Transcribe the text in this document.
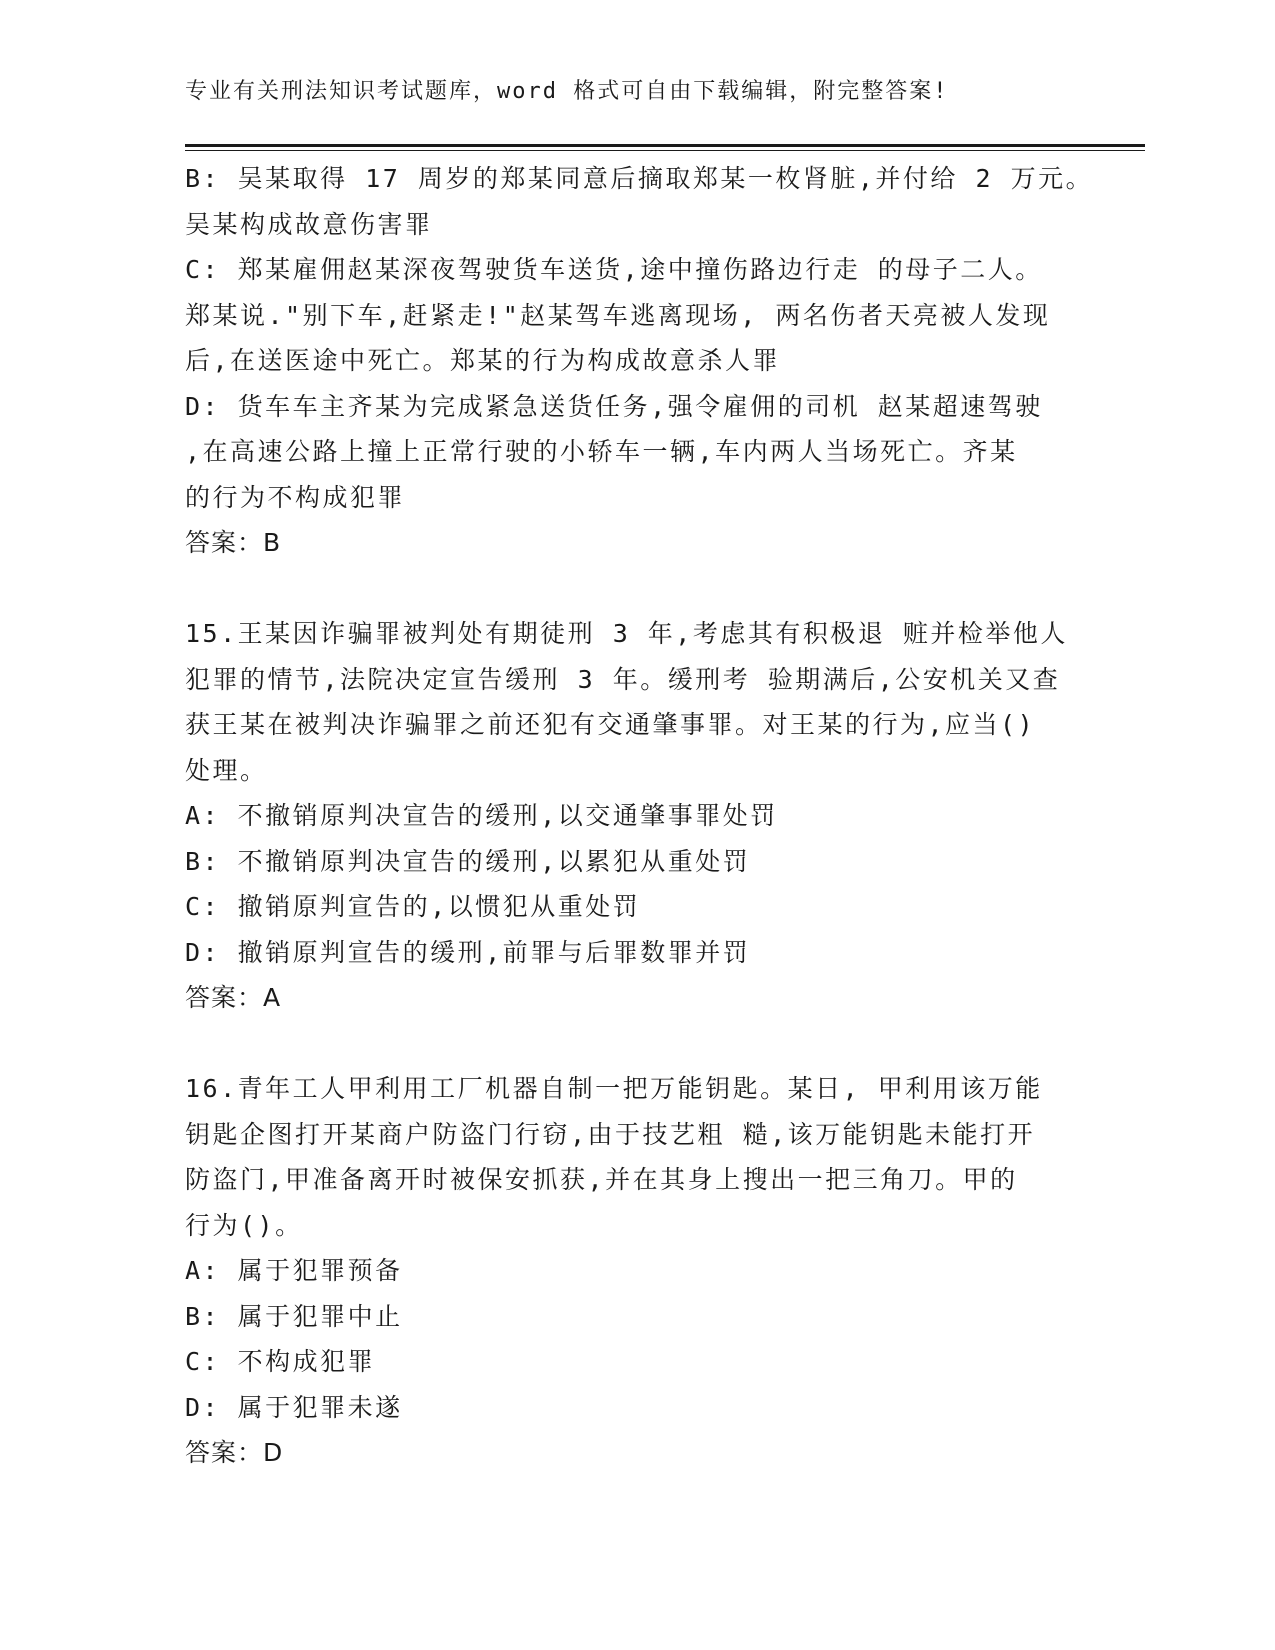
专业有关刑法知识考试题库，word 格式可自由下载编辑，附完整答案!
B: 吴某取得 17 周岁的郑某同意后摘取郑某一枚肾脏,并付给 2 万元。
吴某构成故意伤害罪
C: 郑某雇佣赵某深夜驾驶货车送货,途中撞伤路边行走 的母子二人。
郑某说."别下车,赶紧走!"赵某驾车逃离现场, 两名伤者天亮被人发现
后,在送医途中死亡。郑某的行为构成故意杀人罪
D: 货车车主齐某为完成紧急送货任务,强令雇佣的司机 赵某超速驾驶
,在高速公路上撞上正常行驶的小轿车一辆,车内两人当场死亡。齐某
的行为不构成犯罪
答案：B
15.王某因诈骗罪被判处有期徒刑 3 年,考虑其有积极退 赃并检举他人
犯罪的情节,法院决定宣告缓刑 3 年。缓刑考 验期满后,公安机关又查
获王某在被判决诈骗罪之前还犯有交通肇事罪。对王某的行为,应当()
处理。
A: 不撤销原判决宣告的缓刑,以交通肇事罪处罚
B: 不撤销原判决宣告的缓刑,以累犯从重处罚
C: 撤销原判宣告的,以惯犯从重处罚
D: 撤销原判宣告的缓刑,前罪与后罪数罪并罚
答案：A
16.青年工人甲利用工厂机器自制一把万能钥匙。某日, 甲利用该万能
钥匙企图打开某商户防盗门行窃,由于技艺粗 糙,该万能钥匙未能打开
防盗门,甲准备离开时被保安抓获,并在其身上搜出一把三角刀。甲的
行为()。
A: 属于犯罪预备
B: 属于犯罪中止
C: 不构成犯罪
D: 属于犯罪未遂
答案：D
